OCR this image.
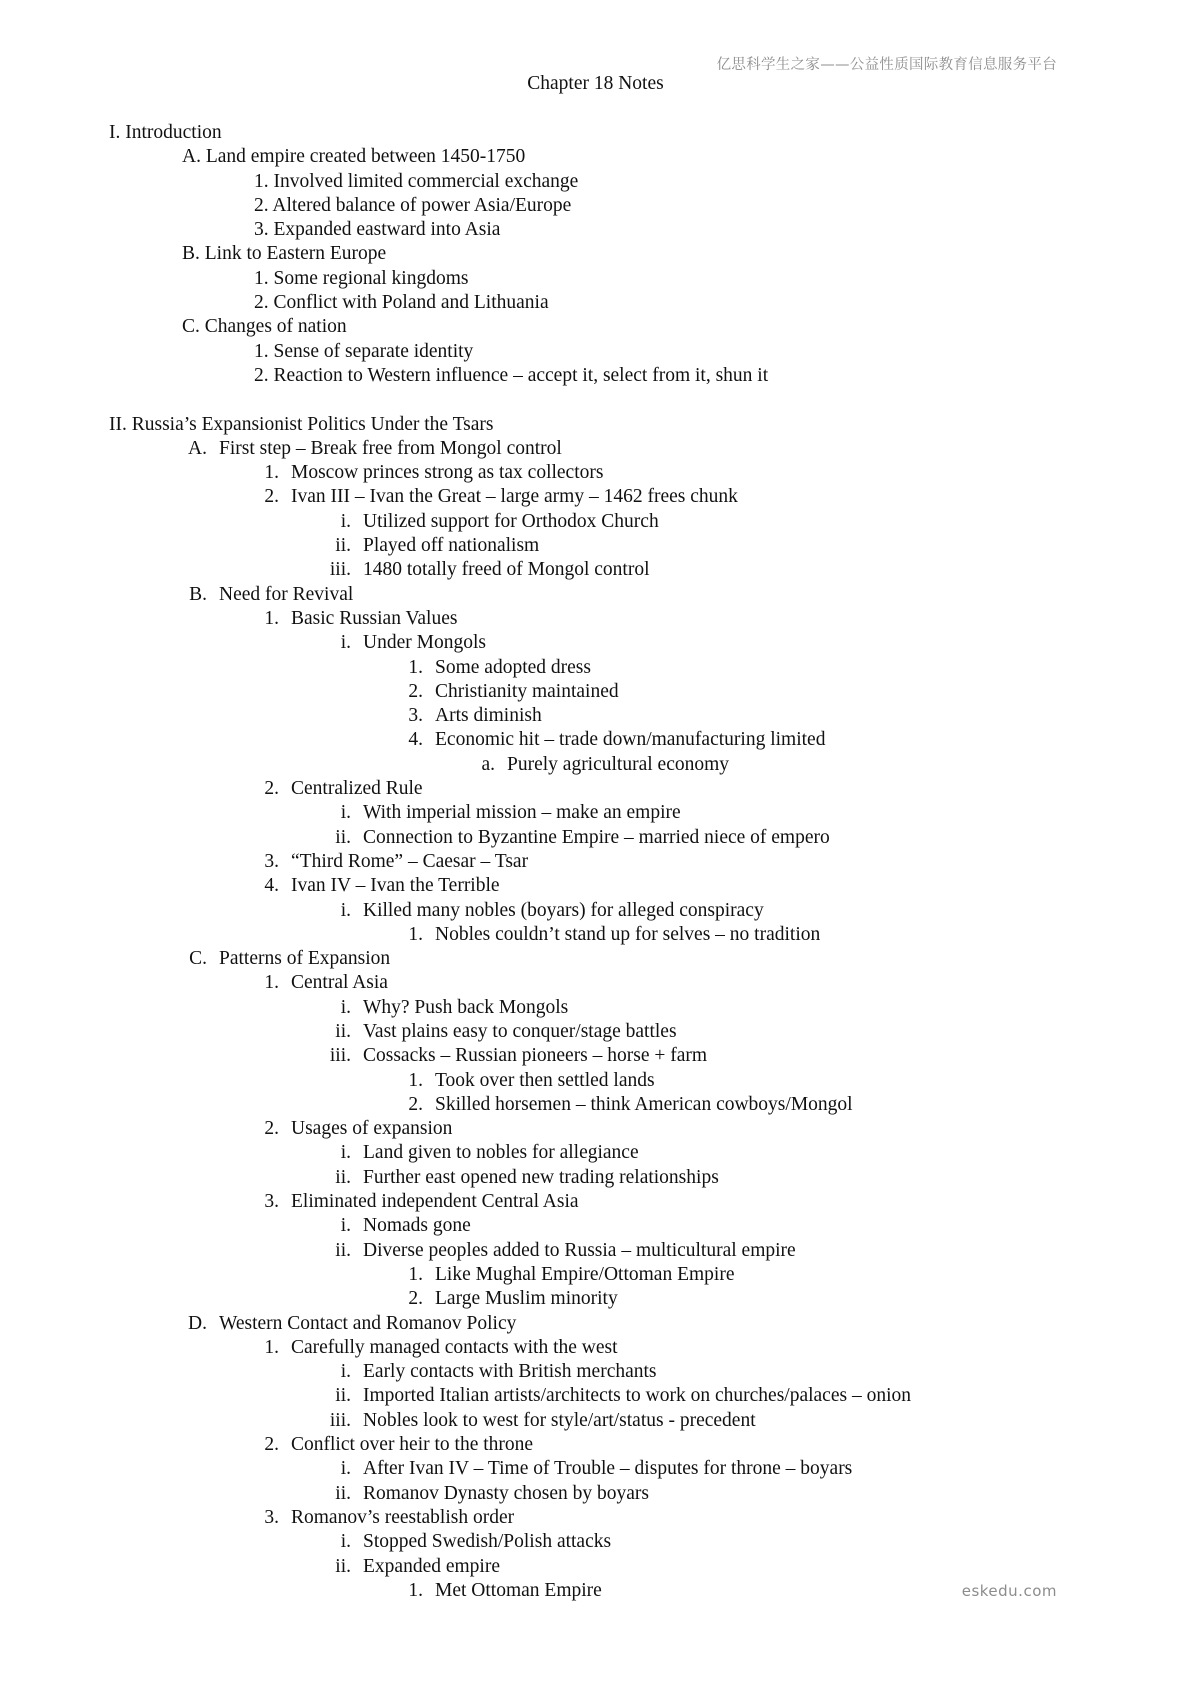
亿思科学生之家——公益性质国际教育信息服务平台
Chapter 18 Notes
I. Introduction
A. Land empire created between 1450-1750
1. Involved limited commercial exchange
2. Altered balance of power Asia/Europe
3. Expanded eastward into Asia
B. Link to Eastern Europe
1. Some regional kingdoms
2. Conflict with Poland and Lithuania
C. Changes of nation
1. Sense of separate identity
2. Reaction to Western influence – accept it, select from it, shun it
II. Russia’s Expansionist Politics Under the Tsars
A. First step – Break free from Mongol control
1. Moscow princes strong as tax collectors
2. Ivan III – Ivan the Great – large army – 1462 frees chunk
i. Utilized support for Orthodox Church
ii. Played off nationalism
iii. 1480 totally freed of Mongol control
B. Need for Revival
1. Basic Russian Values
i. Under Mongols
1. Some adopted dress
2. Christianity maintained
3. Arts diminish
4. Economic hit – trade down/manufacturing limited
a. Purely agricultural economy
2. Centralized Rule
i. With imperial mission – make an empire
ii. Connection to Byzantine Empire – married niece of empero
3. “Third Rome” – Caesar – Tsar
4. Ivan IV – Ivan the Terrible
i. Killed many nobles (boyars) for alleged conspiracy
1. Nobles couldn’t stand up for selves – no tradition
C. Patterns of Expansion
1. Central Asia
i. Why? Push back Mongols
ii. Vast plains easy to conquer/stage battles
iii. Cossacks – Russian pioneers – horse + farm
1. Took over then settled lands
2. Skilled horsemen – think American cowboys/Mongol
2. Usages of expansion
i. Land given to nobles for allegiance
ii. Further east opened new trading relationships
3. Eliminated independent Central Asia
i. Nomads gone
ii. Diverse peoples added to Russia – multicultural empire
1. Like Mughal Empire/Ottoman Empire
2. Large Muslim minority
D. Western Contact and Romanov Policy
1. Carefully managed contacts with the west
i. Early contacts with British merchants
ii. Imported Italian artists/architects to work on churches/palaces – onion
iii. Nobles look to west for style/art/status - precedent
2. Conflict over heir to the throne
i. After Ivan IV – Time of Trouble – disputes for throne – boyars
ii. Romanov Dynasty chosen by boyars
3. Romanov’s reestablish order
i. Stopped Swedish/Polish attacks
ii. Expanded empire
1. Met Ottoman Empire	eskedu.com
